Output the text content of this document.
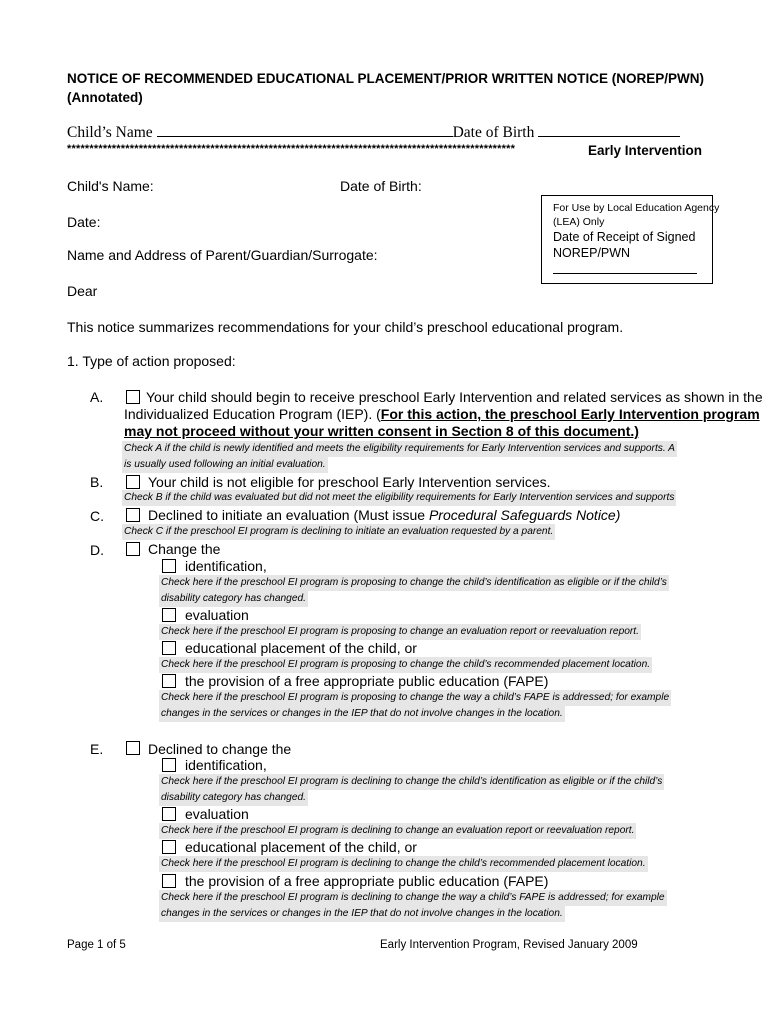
NOTICE OF RECOMMENDED EDUCATIONAL PLACEMENT/PRIOR WRITTEN NOTICE (NOREP/PWN)
(Annotated)
Child’s Name	Date of Birth
****************************************************************************************************	Early Intervention
Child's Name:	Date of Birth:
Date:
Name and Address of Parent/Guardian/Surrogate:
Dear
This notice summarizes recommendations for your child’s preschool educational program.
1. Type of action proposed:
For Use by Local Education Agency
(LEA) Only
Date of Receipt of Signed
NOREP/PWN
A.	Your child should begin to receive preschool Early Intervention and related services as shown in the
Individualized Education Program (IEP). (For this action, the preschool Early Intervention program
may not proceed without your written consent in Section 8 of this document.)
Check A if the child is newly identified and meets the eligibility requirements for Early Intervention services and supports. A
is usually used following an initial evaluation.
B.	Your child is not eligible for preschool Early Intervention services.
Check B if the child was evaluated but did not meet the eligibility requirements for Early Intervention services and supports
C.	Declined to initiate an evaluation (Must issue Procedural Safeguards Notice)
Check C if the preschool EI program is declining to initiate an evaluation requested by a parent.
D.	Change the
identification,
Check here if the preschool EI program is proposing to change the child’s identification as eligible or if the child’s
disability category has changed.
evaluation
Check here if the preschool EI program is proposing to change an evaluation report or reevaluation report.
educational placement of the child, or
Check here if the preschool EI program is proposing to change the child’s recommended placement location.
the provision of a free appropriate public education (FAPE)
Check here if the preschool EI program is proposing to change the way a child’s FAPE is addressed; for example
changes in the services or changes in the IEP that do not involve changes in the location.
E.	Declined to change the
identification,
Check here if the preschool EI program is declining to change the child’s identification as eligible or if the child’s
disability category has changed.
evaluation
Check here if the preschool EI program is declining to change an evaluation report or reevaluation report.
educational placement of the child, or
Check here if the preschool EI program is declining to change the child’s recommended placement location.
the provision of a free appropriate public education (FAPE)
Check here if the preschool EI program is declining to change the way a child’s FAPE is addressed; for example
changes in the services or changes in the IEP that do not involve changes in the location.
Page 1 of 5	Early Intervention Program, Revised January 2009
